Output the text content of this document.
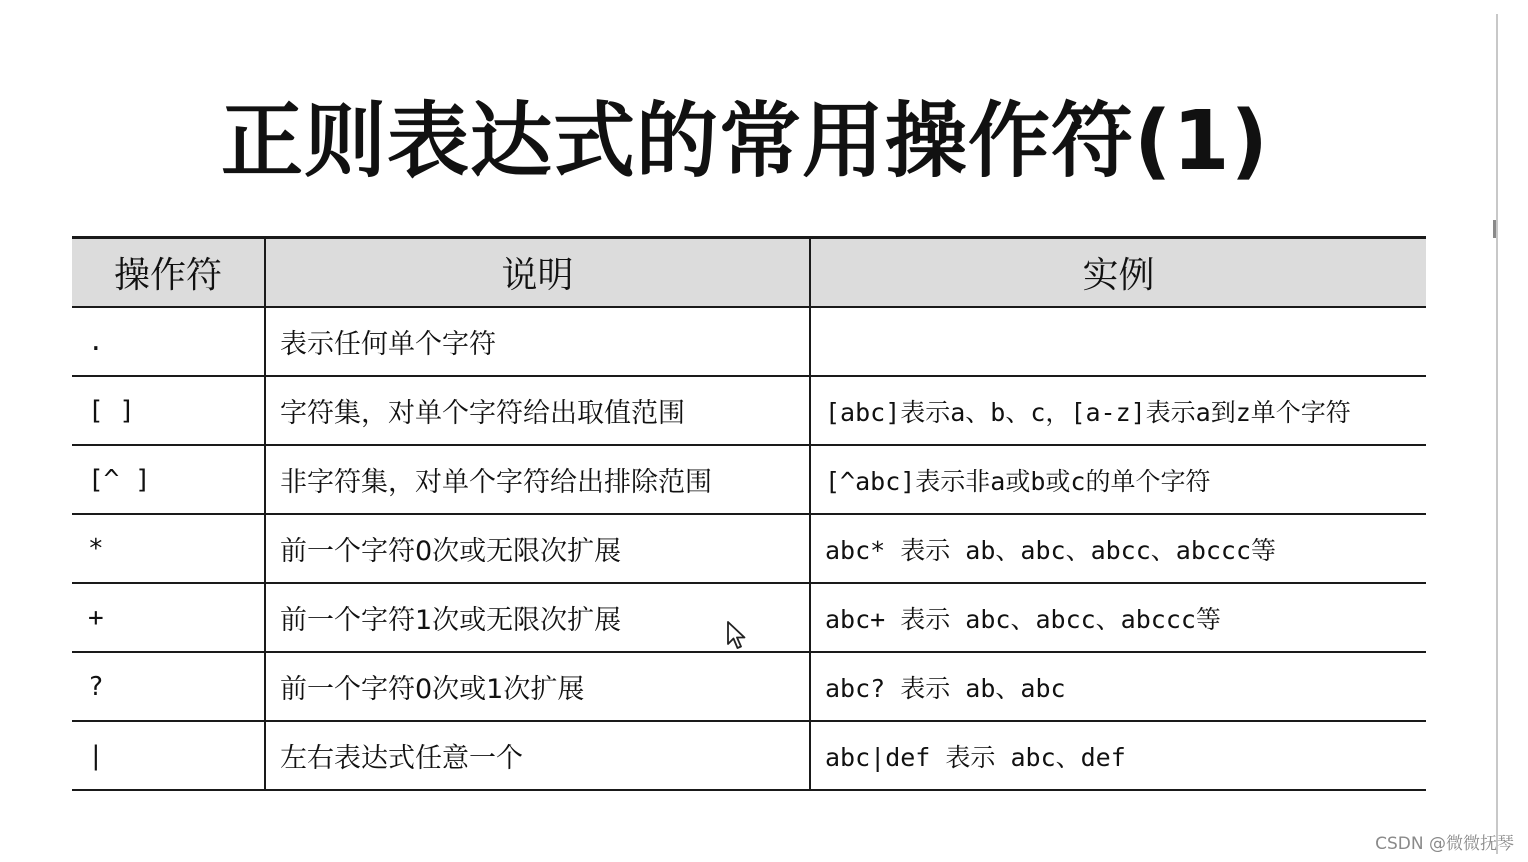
正则表达式的常用操作符(1)
操作符	说明	实例
.	表示任何单个字符	
[ ]	字符集，对单个字符给出取值范围	[abc]表示a、b、c，[a-z]表示a到z单个字符
[^ ]	非字符集，对单个字符给出排除范围	[^abc]表示非a或b或c的单个字符
*	前一个字符0次或无限次扩展	abc* 表示 ab、abc、abcc、abccc等
+	前一个字符1次或无限次扩展	abc+ 表示 abc、abcc、abccc等
?	前一个字符0次或1次扩展	abc? 表示 ab、abc
|	左右表达式任意一个	abc|def 表示 abc、def
CSDN @微微抚琴
